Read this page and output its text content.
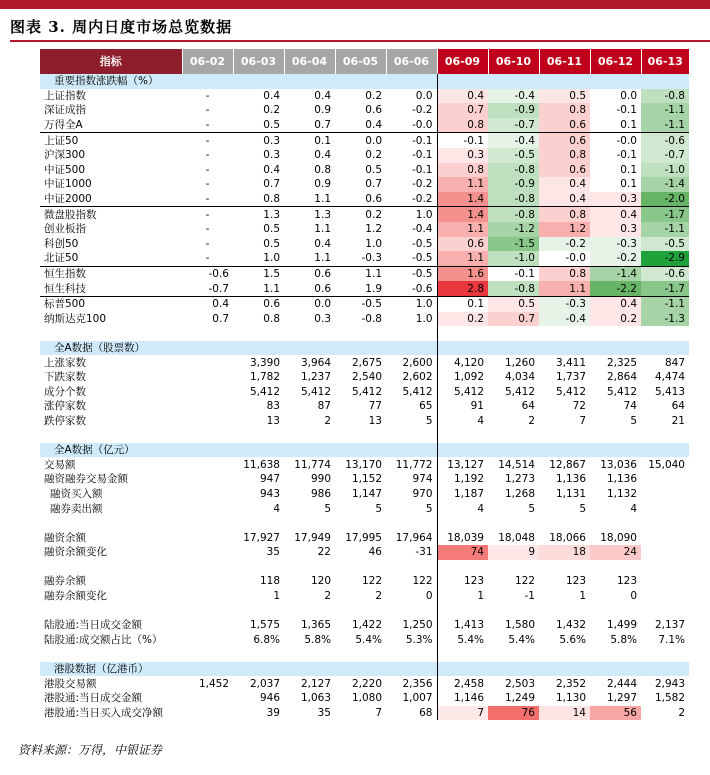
图表 3. 周内日度市场总览数据
指标	06-02	06-03	06-04	06-05	06-06	06-09	06-10	06-11	06-12	06-13
重要指数涨跌幅（%）										
上证指数	-	0.4	0.4	0.2	0.0	0.4	-0.4	0.5	0.0	-0.8
深证成指	-	0.2	0.9	0.6	-0.2	0.7	-0.9	0.8	-0.1	-1.1
万得全A	-	0.5	0.7	0.4	-0.0	0.8	-0.7	0.6	0.1	-1.1
上证50	-	0.3	0.1	0.0	-0.1	-0.1	-0.4	0.6	-0.0	-0.6
沪深300	-	0.3	0.4	0.2	-0.1	0.3	-0.5	0.8	-0.1	-0.7
中证500	-	0.4	0.8	0.5	-0.1	0.8	-0.8	0.6	0.1	-1.0
中证1000	-	0.7	0.9	0.7	-0.2	1.1	-0.9	0.4	0.1	-1.4
中证2000	-	0.8	1.1	0.6	-0.2	1.4	-0.8	0.4	0.3	-2.0
微盘股指数	-	1.3	1.3	0.2	1.0	1.4	-0.8	0.8	0.4	-1.7
创业板指	-	0.5	1.1	1.2	-0.4	1.1	-1.2	1.2	0.3	-1.1
科创50	-	0.5	0.4	1.0	-0.5	0.6	-1.5	-0.2	-0.3	-0.5
北证50	-	1.0	1.1	-0.3	-0.5	1.1	-1.0	-0.0	-0.2	-2.9
恒生指数	-0.6	1.5	0.6	1.1	-0.5	1.6	-0.1	0.8	-1.4	-0.6
恒生科技	-0.7	1.1	0.6	1.9	-0.6	2.8	-0.8	1.1	-2.2	-1.7
标普500	0.4	0.6	0.0	-0.5	1.0	0.1	0.5	-0.3	0.4	-1.1
纳斯达克100	0.7	0.8	0.3	-0.8	1.0	0.2	0.7	-0.4	0.2	-1.3

全A数据（股票数）										
上涨家数		3,390	3,964	2,675	2,600	4,120	1,260	3,411	2,325	847
下跌家数		1,782	1,237	2,540	2,602	1,092	4,034	1,737	2,864	4,474
成分个数		5,412	5,412	5,412	5,412	5,412	5,412	5,412	5,412	5,413
涨停家数		83	87	77	65	91	64	72	74	64
跌停家数		13	2	13	5	4	2	7	5	21

全A数据（亿元）										
交易额		11,638	11,774	13,170	11,772	13,127	14,514	12,867	13,036	15,040
融资融券交易金额		947	990	1,152	974	1,192	1,273	1,136	1,136	
融资买入额		943	986	1,147	970	1,187	1,268	1,131	1,132	
融券卖出额		4	5	5	5	4	5	5	4	

融资余额		17,927	17,949	17,995	17,964	18,039	18,048	18,066	18,090	
融资余额变化		35	22	46	-31	74	9	18	24	

融券余额		118	120	122	122	123	122	123	123	
融券余额变化		1	2	2	0	1	-1	1	0	

陆股通:当日成交金额		1,575	1,365	1,422	1,250	1,413	1,580	1,432	1,499	2,137
陆股通:成交额占比（%）		6.8%	5.8%	5.4%	5.3%	5.4%	5.4%	5.6%	5.8%	7.1%

港股数据（亿港币）										
港股交易额	1,452	2,037	2,127	2,220	2,356	2,458	2,503	2,352	2,444	2,943
港股通:当日成交金额		946	1,063	1,080	1,007	1,146	1,249	1,130	1,297	1,582
港股通:当日买入成交净额		39	35	7	68	7	76	14	56	2
资料来源：万得，中银证券
